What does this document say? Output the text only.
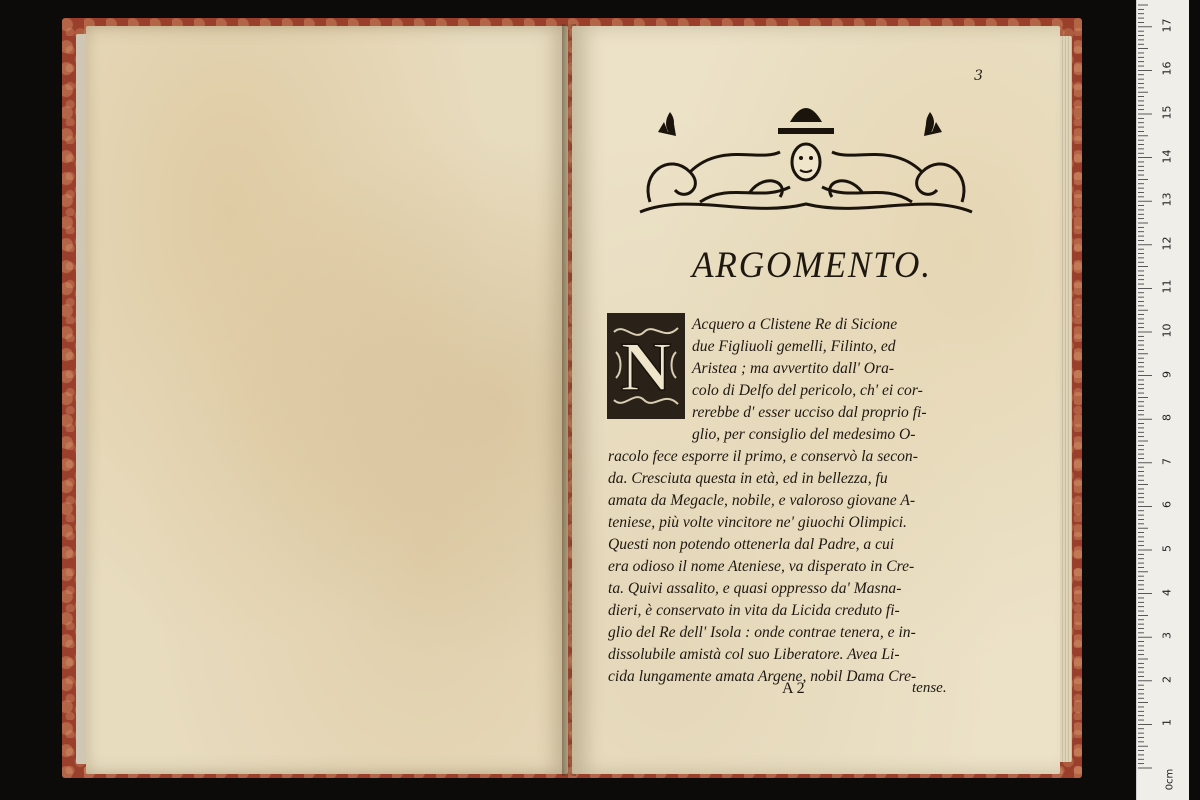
3
ARGOMENTO.
N
Acquero a Clistene Re di Sicione
due Figliuoli gemelli, Filinto, ed
Aristea ; ma avvertito dall' Ora-
colo di Delfo del pericolo, ch' ei cor-
rerebbe d' esser ucciso dal proprio fi-
glio, per consiglio del medesimo O-
racolo fece esporre il primo, e conservò la secon-
da. Cresciuta questa in età, ed in bellezza, fu
amata da Megacle, nobile, e valoroso giovane A-
teniese, più volte vincitore ne' giuochi Olimpici.
Questi non potendo ottenerla dal Padre, a cui
era odioso il nome Ateniese, va disperato in Cre-
ta. Quivi assalito, e quasi oppresso da' Masna-
dieri, è conservato in vita da Licida creduto fi-
glio del Re dell' Isola : onde contrae tenera, e in-
dissolubile amistà col suo Liberatore. Avea Li-
cida lungamente amata Argene, nobil Dama Cre-
A 2	tense.
1
2
3
4
5
6
7
8
9
10
11
12
13
14
15
16
17
0cm
